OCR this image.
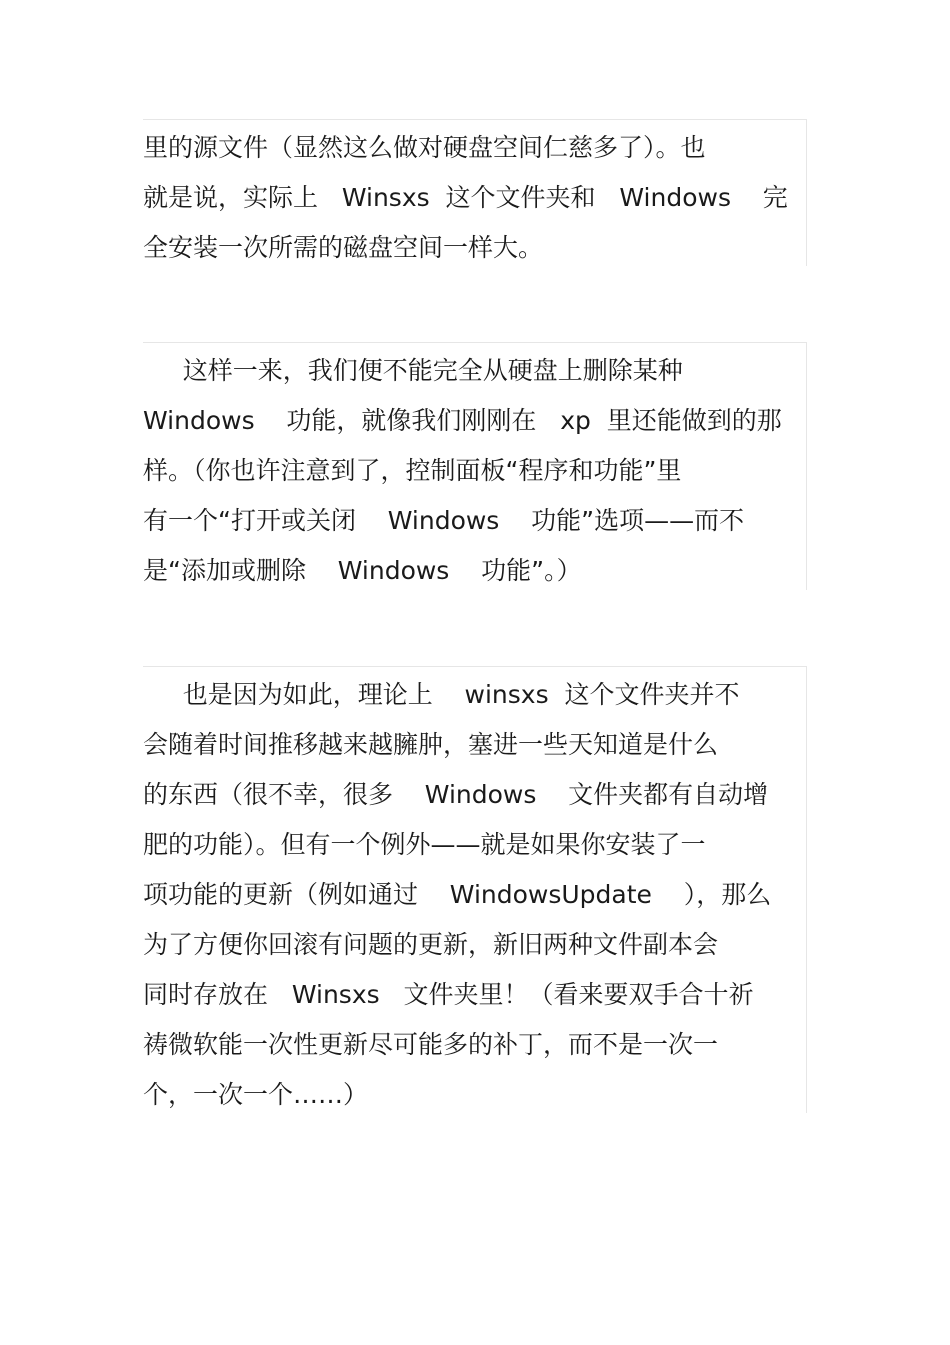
里的源文件（显然这么做对硬盘空间仁慈多了）。也
就是说，实际上   Winsxs  这个文件夹和   Windows    完
全安装一次所需的磁盘空间一样大。

这样一来，我们便不能完全从硬盘上删除某种
Windows    功能，就像我们刚刚在   xp  里还能做到的那
样。（你也许注意到了，控制面板“程序和功能”里
有一个“打开或关闭    Windows    功能”选项——而不
是“添加或删除    Windows    功能”。）

也是因为如此，理论上    winsxs  这个文件夹并不
会随着时间推移越来越臃肿，塞进一些天知道是什么
的东西（很不幸，很多    Windows    文件夹都有自动增
肥的功能）。但有一个例外——就是如果你安装了一
项功能的更新（例如通过    WindowsUpdate    ），那么
为了方便你回滚有问题的更新，新旧两种文件副本会
同时存放在   Winsxs   文件夹里！（看来要双手合十祈
祷微软能一次性更新尽可能多的补丁，而不是一次一
个，一次一个……）
